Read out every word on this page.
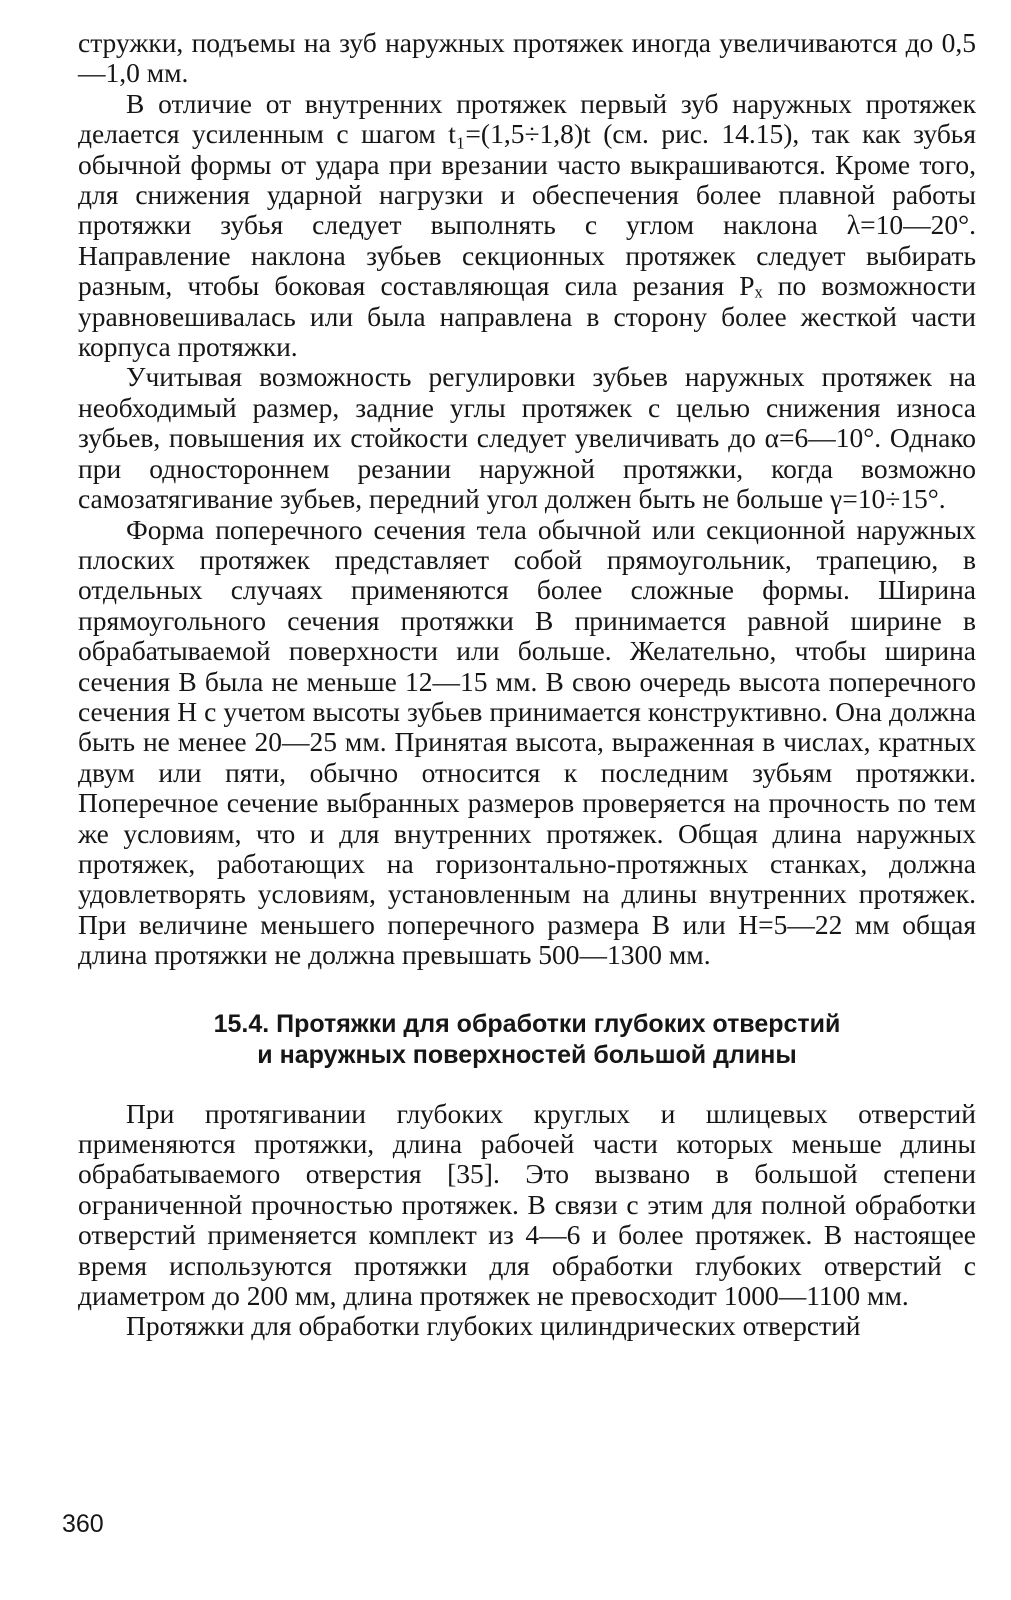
стружки, подъемы на зуб наружных протяжек иногда увеличиваются до 0,5—1,0 мм.

В отличие от внутренних протяжек первый зуб наружных протяжек делается усиленным с шагом t₁=(1,5÷1,8)t (см. рис. 14.15), так как зубья обычной формы от удара при врезании часто выкрашиваются. Кроме того, для снижения ударной нагрузки и обеспечения более плавной работы протяжки зубья следует выполнять с углом наклона λ=10—20°. Направление наклона зубьев секционных протяжек следует выбирать разным, чтобы боковая составляющая сила резания Pₓ по возможности уравновешивалась или была направлена в сторону более жесткой части корпуса протяжки.

Учитывая возможность регулировки зубьев наружных протяжек на необходимый размер, задние углы протяжек с целью снижения износа зубьев, повышения их стойкости следует увеличивать до α=6—10°. Однако при одностороннем резании наружной протяжки, когда возможно самозатягивание зубьев, передний угол должен быть не больше γ=10÷15°.

Форма поперечного сечения тела обычной или секционной наружных плоских протяжек представляет собой прямоугольник, трапецию, в отдельных случаях применяются более сложные формы. Ширина прямоугольного сечения протяжки B принимается равной ширине в обрабатываемой поверхности или больше. Желательно, чтобы ширина сечения B была не меньше 12—15 мм. В свою очередь высота поперечного сечения H с учетом высоты зубьев принимается конструктивно. Она должна быть не менее 20—25 мм. Принятая высота, выраженная в числах, кратных двум или пяти, обычно относится к последним зубьям протяжки. Поперечное сечение выбранных размеров проверяется на прочность по тем же условиям, что и для внутренних протяжек. Общая длина наружных протяжек, работающих на горизонтально-протяжных станках, должна удовлетворять условиям, установленным на длины внутренних протяжек. При величине меньшего поперечного размера B или H=5—22 мм общая длина протяжки не должна превышать 500—1300 мм.

15.4. Протяжки для обработки глубоких отверстий
и наружных поверхностей большой длины

При протягивании глубоких круглых и шлицевых отверстий применяются протяжки, длина рабочей части которых меньше длины обрабатываемого отверстия [35]. Это вызвано в большой степени ограниченной прочностью протяжек. В связи с этим для полной обработки отверстий применяется комплект из 4—6 и более протяжек. В настоящее время используются протяжки для обработки глубоких отверстий с диаметром до 200 мм, длина протяжек не превосходит 1000—1100 мм.

Протяжки для обработки глубоких цилиндрических отверстий

360
